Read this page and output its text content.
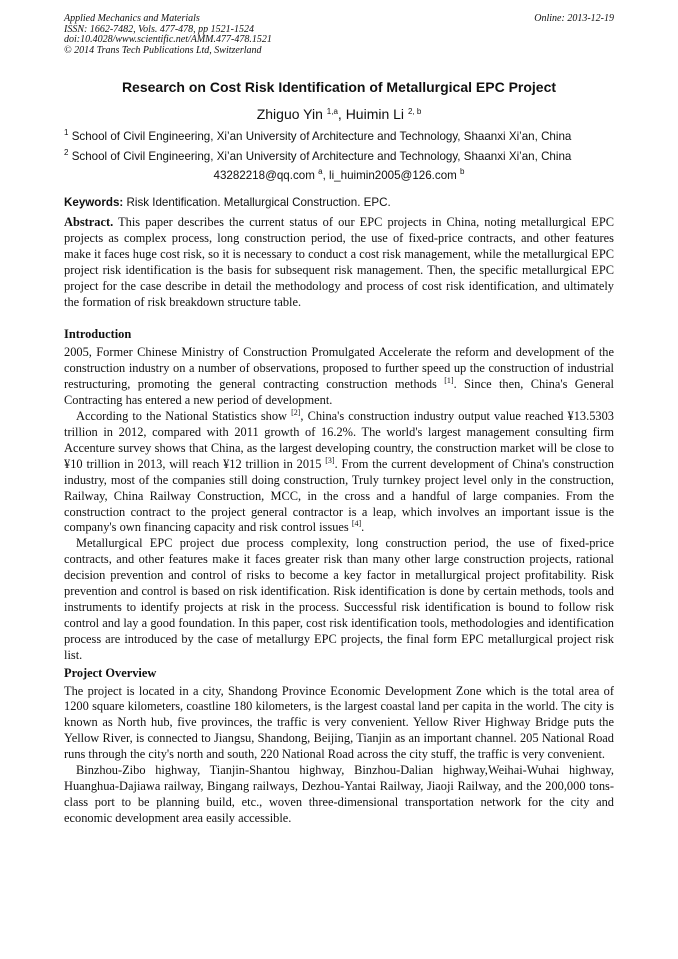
Applied Mechanics and Materials
ISSN: 1662-7482, Vols. 477-478, pp 1521-1524
doi:10.4028/www.scientific.net/AMM.477-478.1521
© 2014 Trans Tech Publications Ltd, Switzerland
Online: 2013-12-19
Research on Cost Risk Identification of Metallurgical EPC Project
Zhiguo Yin $^{1,a}$, Huimin Li $^{2, b}$
$^1$ School of Civil Engineering, Xi’an University of Architecture and Technology, Shaanxi Xi’an, China
$^2$ School of Civil Engineering, Xi’an University of Architecture and Technology, Shaanxi Xi’an, China
43282218@qq.com $^a$, li_huimin2005@126.com $^b$
Keywords: Risk Identification. Metallurgical Construction. EPC.
Abstract. This paper describes the current status of our EPC projects in China, noting metallurgical EPC projects as complex process, long construction period, the use of fixed-price contracts, and other features make it faces huge cost risk, so it is necessary to conduct a cost risk management, while the metallurgical EPC project risk identification is the basis for subsequent risk management. Then, the specific metallurgical EPC project for the case describe in detail the methodology and process of cost risk identification, and ultimately the formation of risk breakdown structure table.
Introduction

2005, Former Chinese Ministry of Construction Promulgated Accelerate the reform and development of the construction industry on a number of observations, proposed to further speed up the construction of industrial restructuring, promoting the general contracting construction methods [1]. Since then, China's General Contracting has entered a new period of development.

According to the National Statistics show [2], China's construction industry output value reached ¥13.5303 trillion in 2012, compared with 2011 growth of 16.2%. The world's largest management consulting firm Accenture survey shows that China, as the largest developing country, the construction market will be close to ¥10 trillion in 2013, will reach ¥12 trillion in 2015 [3]. From the current development of China's construction industry, most of the companies still doing construction, Truly turnkey project level only in the construction, Railway, China Railway Construction, MCC, in the cross and a handful of large companies. From the construction contract to the project general contractor is a leap, which involves an important issue is the company's own financing capacity and risk control issues [4].

Metallurgical EPC project due process complexity, long construction period, the use of fixed-price contracts, and other features make it faces greater risk than many other large construction projects, rational decision prevention and control of risks to become a key factor in metallurgical project profitability. Risk prevention and control is based on risk identification. Risk identification is done by certain methods, tools and instruments to identify projects at risk in the process. Successful risk identification is bound to follow risk control and lay a good foundation. In this paper, cost risk identification tools, methodologies and identification process are introduced by the case of metallurgy EPC projects, the final form EPC metallurgical project risk list.

Project Overview

The project is located in a city, Shandong Province Economic Development Zone which is the total area of 1200 square kilometers, coastline 180 kilometers, is the largest coastal land per capita in the world. The city is known as North hub, five provinces, the traffic is very convenient. Yellow River Highway Bridge puts the Yellow River, is connected to Jiangsu, Shandong, Beijing, Tianjin as an important channel. 205 National Road runs through the city's north and south, 220 National Road across the city stuff, the traffic is very convenient.

Binzhou-Zibo highway, Tianjin-Shantou highway, Binzhou-Dalian highway,Weihai-Wuhai highway, Huanghua-Dajiawa railway, Bingang railways, Dezhou-Yantai Railway, Jiaoji Railway, and the 200,000 tons-class port to be planning build, etc., woven three-dimensional transportation network for the city and economic development area easily accessible.
